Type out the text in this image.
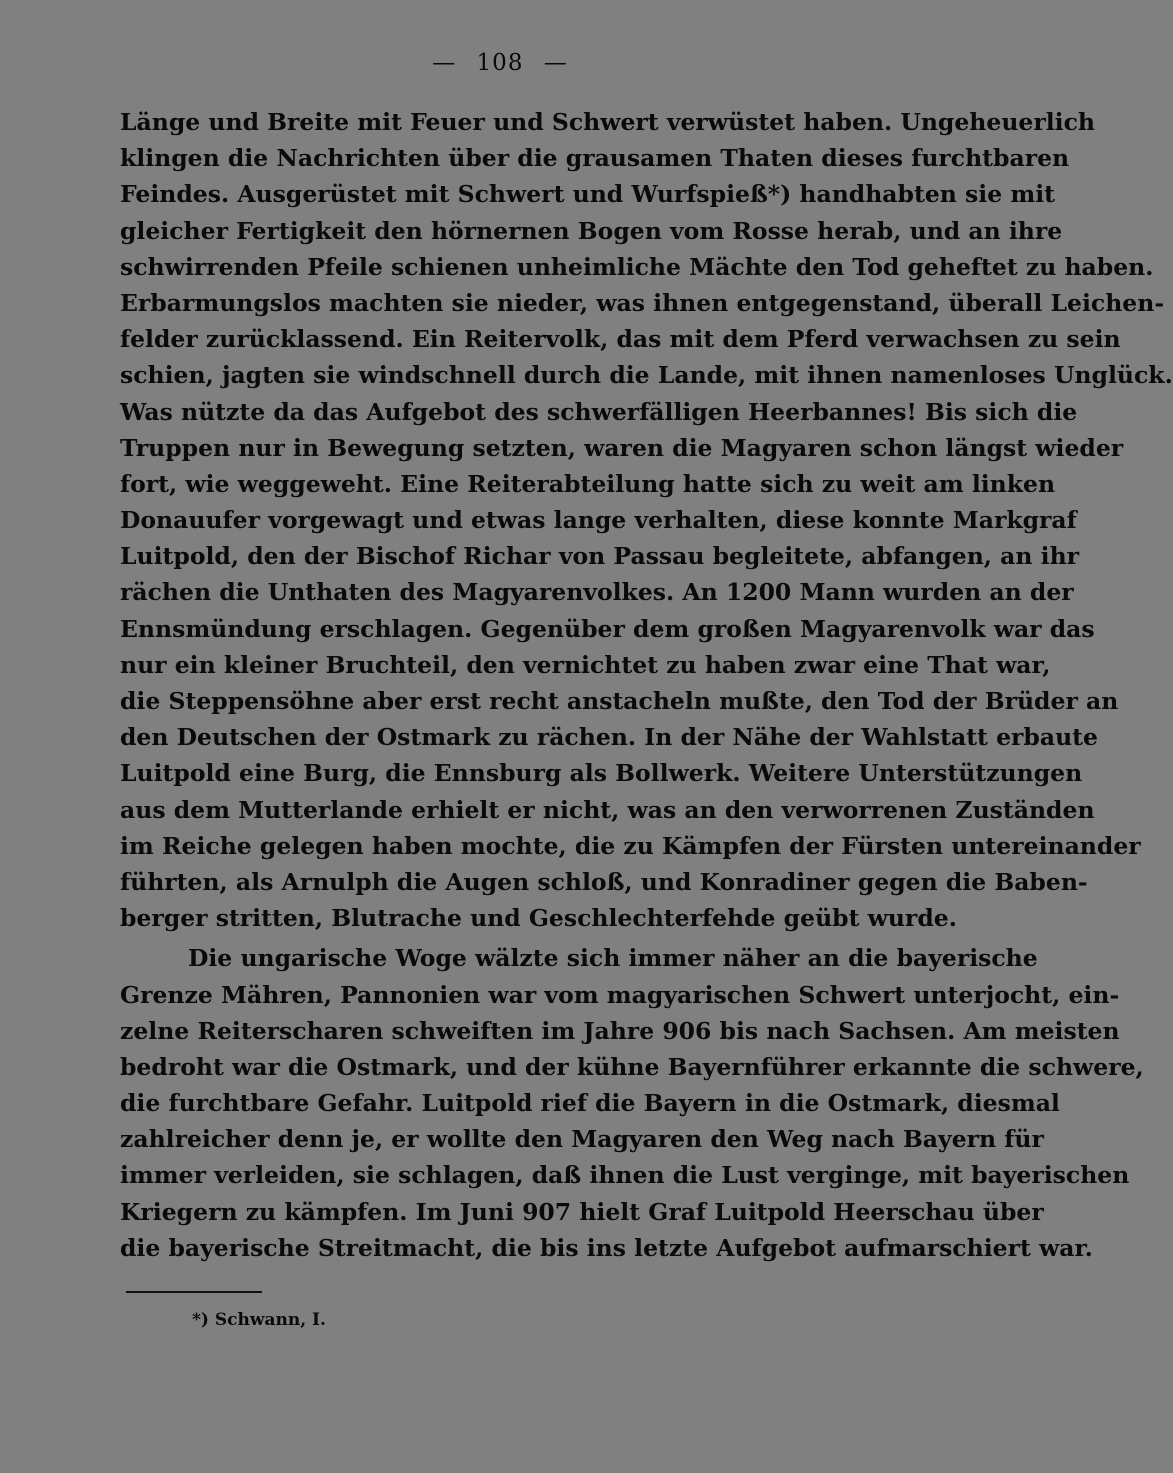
— 108 —
Länge und Breite mit Feuer und Schwert verwüstet haben. Ungeheuerlich
klingen die Nachrichten über die grausamen Thaten dieses furchtbaren
Feindes. Ausgerüstet mit Schwert und Wurfspieß*) handhabten sie mit
gleicher Fertigkeit den hörnernen Bogen vom Rosse herab, und an ihre
schwirrenden Pfeile schienen unheimliche Mächte den Tod geheftet zu haben.
Erbarmungslos machten sie nieder, was ihnen entgegenstand, überall Leichen-
felder zurücklassend. Ein Reitervolk, das mit dem Pferd verwachsen zu sein
schien, jagten sie windschnell durch die Lande, mit ihnen namenloses Unglück.
Was nützte da das Aufgebot des schwerfälligen Heerbannes! Bis sich die
Truppen nur in Bewegung setzten, waren die Magyaren schon längst wieder
fort, wie weggeweht. Eine Reiterabteilung hatte sich zu weit am linken
Donauufer vorgewagt und etwas lange verhalten, diese konnte Markgraf
Luitpold, den der Bischof Richar von Passau begleitete, abfangen, an ihr
rächen die Unthaten des Magyarenvolkes. An 1200 Mann wurden an der
Ennsmündung erschlagen. Gegenüber dem großen Magyarenvolk war das
nur ein kleiner Bruchteil, den vernichtet zu haben zwar eine That war,
die Steppensöhne aber erst recht anstacheln mußte, den Tod der Brüder an
den Deutschen der Ostmark zu rächen. In der Nähe der Wahlstatt erbaute
Luitpold eine Burg, die Ennsburg als Bollwerk. Weitere Unterstützungen
aus dem Mutterlande erhielt er nicht, was an den verworrenen Zuständen
im Reiche gelegen haben mochte, die zu Kämpfen der Fürsten untereinander
führten, als Arnulph die Augen schloß, und Konradiner gegen die Baben-
berger stritten, Blutrache und Geschlechterfehde geübt wurde.
Die ungarische Woge wälzte sich immer näher an die bayerische
Grenze Mähren, Pannonien war vom magyarischen Schwert unterjocht, ein-
zelne Reiterscharen schweiften im Jahre 906 bis nach Sachsen. Am meisten
bedroht war die Ostmark, und der kühne Bayernführer erkannte die schwere,
die furchtbare Gefahr. Luitpold rief die Bayern in die Ostmark, diesmal
zahlreicher denn je, er wollte den Magyaren den Weg nach Bayern für
immer verleiden, sie schlagen, daß ihnen die Lust verginge, mit bayerischen
Kriegern zu kämpfen. Im Juni 907 hielt Graf Luitpold Heerschau über
die bayerische Streitmacht, die bis ins letzte Aufgebot aufmarschiert war.
*) Schwann, I.
